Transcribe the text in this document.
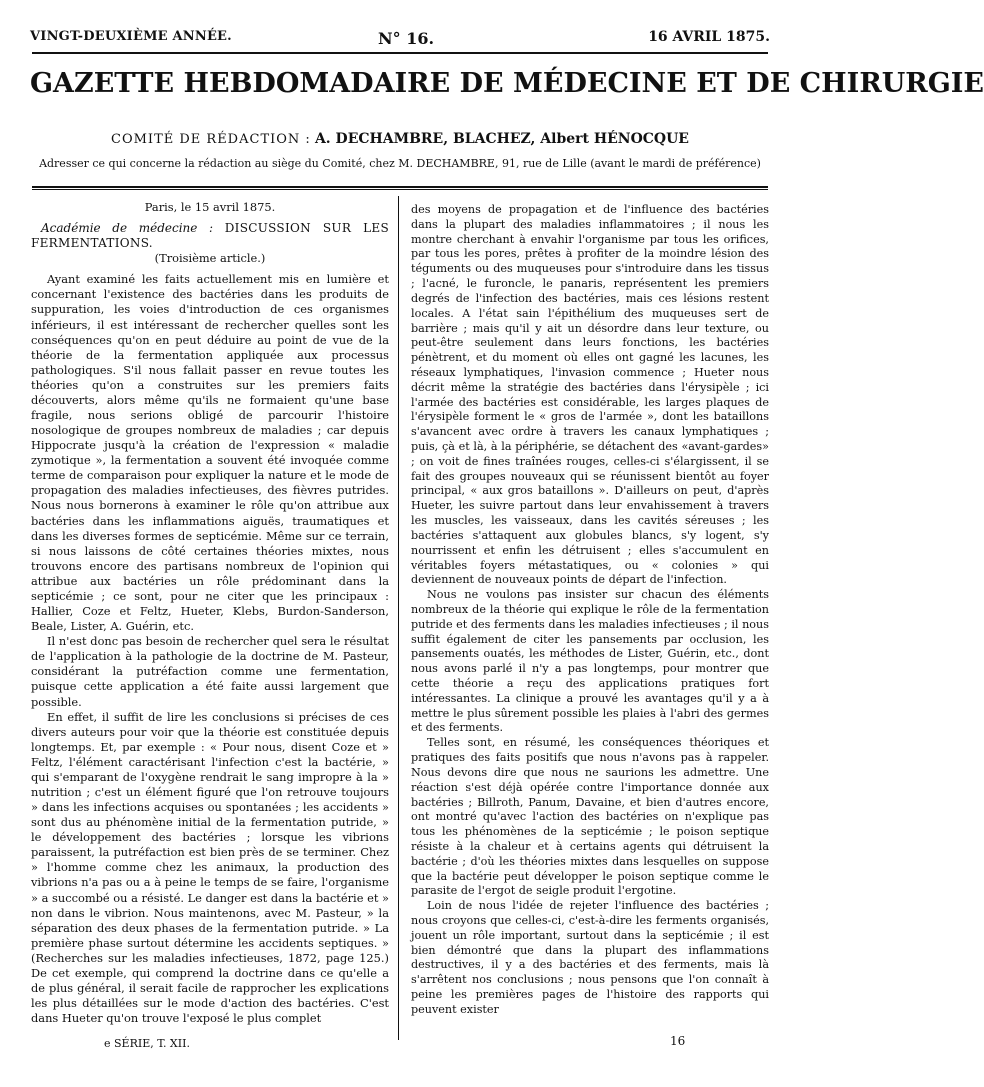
VINGT-DEUXIÈME ANNÉE.	N° 16.	16 AVRIL 1875.
GAZETTE HEBDOMADAIRE DE MÉDECINE ET DE CHIRURGIE
COMITÉ DE RÉDACTION : A. DECHAMBRE, BLACHEZ, Albert HÉNOCQUE
Adresser ce qui concerne la rédaction au siège du Comité, chez M. DECHAMBRE, 91, rue de Lille (avant le mardi de préférence)

Paris, le 15 avril 1875.

Académie de médecine : DISCUSSION SUR LES FERMENTATIONS.

(Troisième article.)

Ayant examiné les faits actuellement mis en lumière et concernant l'existence des bactéries dans les produits de suppuration, les voies d'introduction de ces organismes inférieurs, il est intéressant de rechercher quelles sont les conséquences qu'on en peut déduire au point de vue de la théorie de la fermentation appliquée aux processus pathologiques. S'il nous fallait passer en revue toutes les théories qu'on a construites sur les premiers faits découverts, alors même qu'ils ne formaient qu'une base fragile, nous serions obligé de parcourir l'histoire nosologique de groupes nombreux de maladies ; car depuis Hippocrate jusqu'à la création de l'expression « maladie zymotique », la fermentation a souvent été invoquée comme terme de comparaison pour expliquer la nature et le mode de propagation des maladies infectieuses, des fièvres putrides. Nous nous bornerons à examiner le rôle qu'on attribue aux bactéries dans les inflammations aiguës, traumatiques et dans les diverses formes de septicémie. Même sur ce terrain, si nous laissons de côté certaines théories mixtes, nous trouvons encore des partisans nombreux de l'opinion qui attribue aux bactéries un rôle prédominant dans la septicémie ; ce sont, pour ne citer que les principaux : Hallier, Coze et Feltz, Hueter, Klebs, Burdon-Sanderson, Beale, Lister, A. Guérin, etc.

Il n'est donc pas besoin de rechercher quel sera le résultat de l'application à la pathologie de la doctrine de M. Pasteur, considérant la putréfaction comme une fermentation, puisque cette application a été faite aussi largement que possible.

En effet, il suffit de lire les conclusions si précises de ces divers auteurs pour voir que la théorie est constituée depuis longtemps. Et, par exemple : « Pour nous, disent Coze et » Feltz, l'élément caractérisant l'infection c'est la bactérie, » qui s'emparant de l'oxygène rendrait le sang impropre à la » nutrition ; c'est un élément figuré que l'on retrouve toujours » dans les infections acquises ou spontanées ; les accidents » sont dus au phénomène initial de la fermentation putride, » le développement des bactéries ; lorsque les vibrions paraissent, la putréfaction est bien près de se terminer. Chez » l'homme comme chez les animaux, la production des vibrions n'a pas ou a à peine le temps de se faire, l'organisme » a succombé ou a résisté. Le danger est dans la bactérie et » non dans le vibrion. Nous maintenons, avec M. Pasteur, » la séparation des deux phases de la fermentation putride. » La première phase surtout détermine les accidents septiques. » (Recherches sur les maladies infectieuses, 1872, page 125.) De cet exemple, qui comprend la doctrine dans ce qu'elle a de plus général, il serait facile de rapprocher les explications les plus détaillées sur le mode d'action des bactéries. C'est dans Hueter qu'on trouve l'exposé le plus complet

des moyens de propagation et de l'influence des bactéries dans la plupart des maladies inflammatoires ; il nous les montre cherchant à envahir l'organisme par tous les orifices, par tous les pores, prêtes à profiter de la moindre lésion des téguments ou des muqueuses pour s'introduire dans les tissus ; l'acné, le furoncle, le panaris, représentent les premiers degrés de l'infection des bactéries, mais ces lésions restent locales. A l'état sain l'épithélium des muqueuses sert de barrière ; mais qu'il y ait un désordre dans leur texture, ou peut-être seulement dans leurs fonctions, les bactéries pénètrent, et du moment où elles ont gagné les lacunes, les réseaux lymphatiques, l'invasion commence ; Hueter nous décrit même la stratégie des bactéries dans l'érysipèle ; ici l'armée des bactéries est considérable, les larges plaques de l'érysipèle forment le « gros de l'armée », dont les bataillons s'avancent avec ordre à travers les canaux lymphatiques ; puis, çà et là, à la périphérie, se détachent des «avant-gardes» ; on voit de fines traînées rouges, celles-ci s'élargissent, il se fait des groupes nouveaux qui se réunissent bientôt au foyer principal, « aux gros bataillons ». D'ailleurs on peut, d'après Hueter, les suivre partout dans leur envahissement à travers les muscles, les vaisseaux, dans les cavités séreuses ; les bactéries s'attaquent aux globules blancs, s'y logent, s'y nourrissent et enfin les détruisent ; elles s'accumulent en véritables foyers métastatiques, ou « colonies » qui deviennent de nouveaux points de départ de l'infection.

Nous ne voulons pas insister sur chacun des éléments nombreux de la théorie qui explique le rôle de la fermentation putride et des ferments dans les maladies infectieuses ; il nous suffit également de citer les pansements par occlusion, les pansements ouatés, les méthodes de Lister, Guérin, etc., dont nous avons parlé il n'y a pas longtemps, pour montrer que cette théorie a reçu des applications pratiques fort intéressantes. La clinique a prouvé les avantages qu'il y a à mettre le plus sûrement possible les plaies à l'abri des germes et des ferments.

Telles sont, en résumé, les conséquences théoriques et pratiques des faits positifs que nous n'avons pas à rappeler. Nous devons dire que nous ne saurions les admettre. Une réaction s'est déjà opérée contre l'importance donnée aux bactéries ; Billroth, Panum, Davaine, et bien d'autres encore, ont montré qu'avec l'action des bactéries on n'explique pas tous les phénomènes de la septicémie ; le poison septique résiste à la chaleur et à certains agents qui détruisent la bactérie ; d'où les théories mixtes dans lesquelles on suppose que la bactérie peut développer le poison septique comme le parasite de l'ergot de seigle produit l'ergotine.

Loin de nous l'idée de rejeter l'influence des bactéries ; nous croyons que celles-ci, c'est-à-dire les ferments organisés, jouent un rôle important, surtout dans la septicémie ; il est bien démontré que dans la plupart des inflammations destructives, il y a des bactéries et des ferments, mais là s'arrêtent nos conclusions ; nous pensons que l'on connaît à peine les premières pages de l'histoire des rapports qui peuvent exister

e SÉRIE, T. XII.	16
